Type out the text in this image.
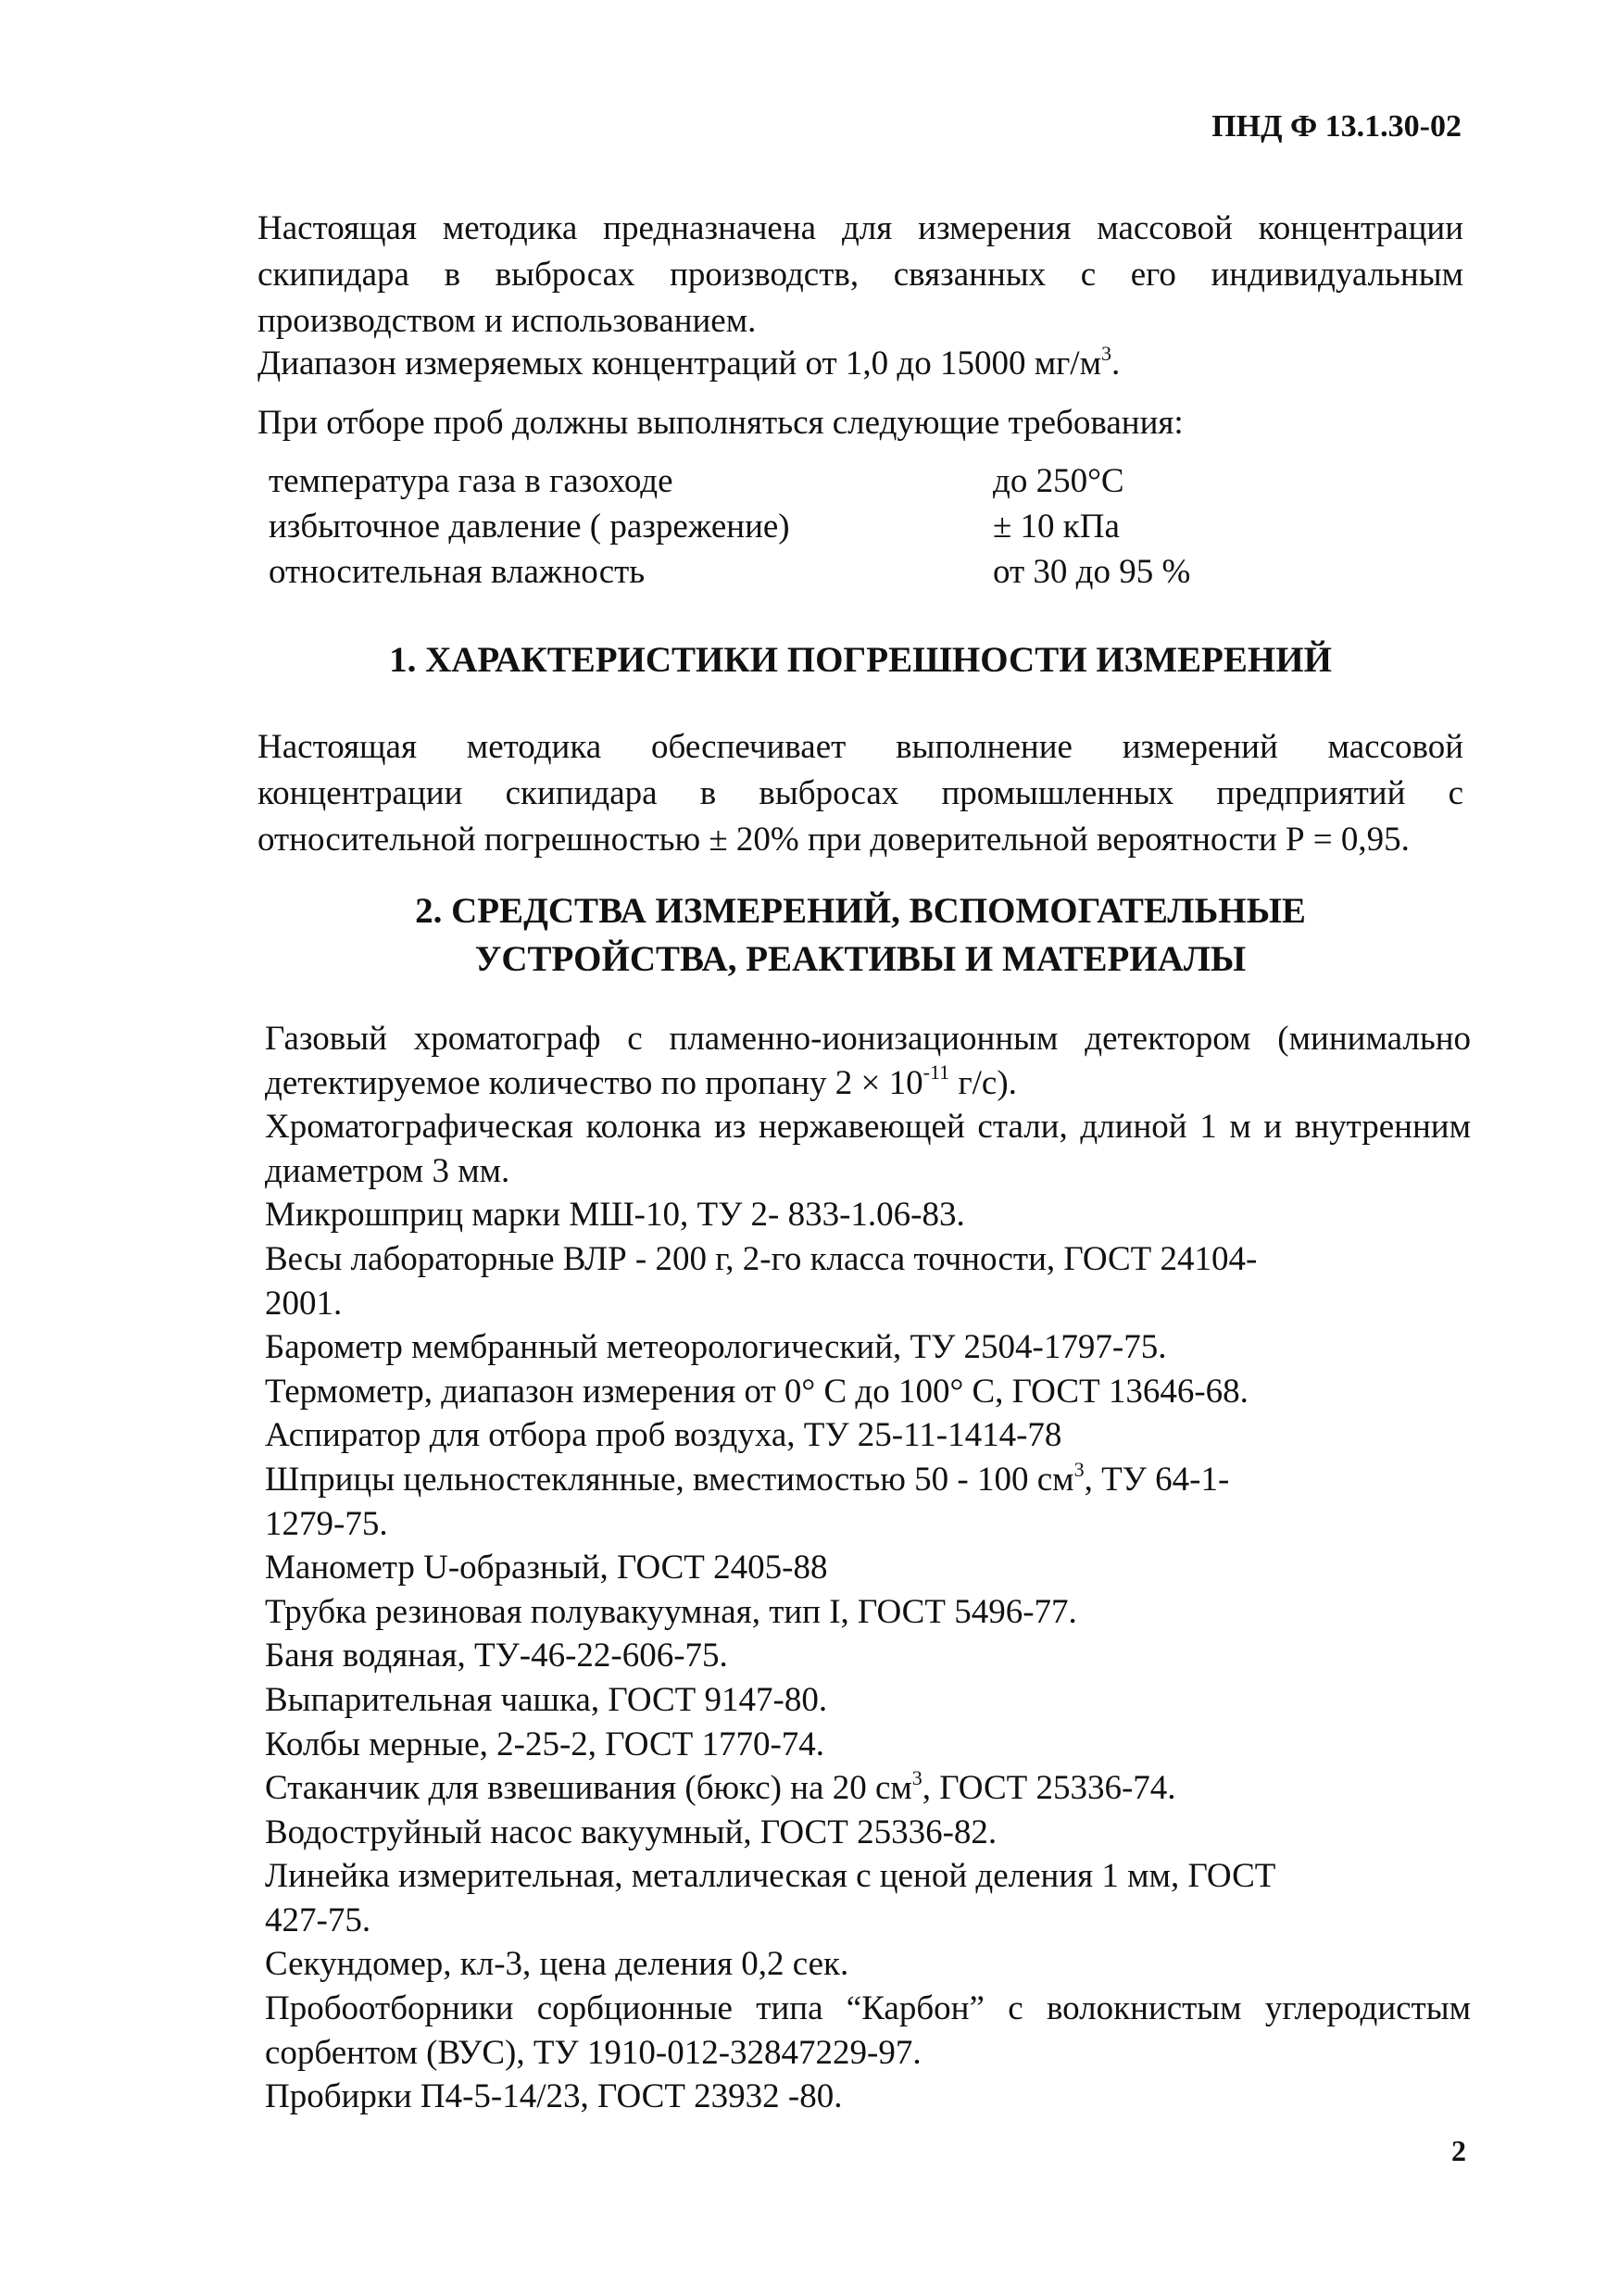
ПНД Ф 13.1.30-02
Настоящая методика предназначена для измерения массовой концентрации скипидара в выбросах производств, связанных с его индивидуальным производством и использованием.
Диапазон измеряемых концентраций от 1,0 до 15000 $мг/м^3$.
При отборе проб должны выполняться следующие требования:
температура газа в газоходе	до 250°С
избыточное давление ( разрежение)	± 10 кПа
относительная влажность	от 30 до 95 %
1. ХАРАКТЕРИСТИКИ ПОГРЕШНОСТИ ИЗМЕРЕНИЙ
Настоящая методика обеспечивает выполнение измерений массовой концентрации скипидара в выбросах промышленных предприятий с относительной погрешностью ± 20% при доверительной вероятности Р = 0,95.
2. СРЕДСТВА ИЗМЕРЕНИЙ, ВСПОМОГАТЕЛЬНЫЕ
УСТРОЙСТВА, РЕАКТИВЫ И МАТЕРИАЛЫ
Газовый хроматограф с пламенно-ионизационным детектором (минимально детектируемое количество по пропану $2 \times 10^{-11}$ г/с).
Хроматографическая колонка из нержавеющей стали, длиной 1 м и внутренним диаметром 3 мм.
Микрошприц марки МШ-10, ТУ 2- 833-1.06-83.
Весы лабораторные ВЛР - 200 г, 2-го класса точности, ГОСТ 24104-2001.
Барометр мембранный метеорологический, ТУ 2504-1797-75.
Термометр, диапазон измерения от 0° С до 100° С, ГОСТ 13646-68.
Аспиратор для отбора проб воздуха, ТУ 25-11-1414-78
Шприцы цельностеклянные, вместимостью 50 - 100 $см^3$, ТУ 64-1-1279-75.
Манометр U-образный, ГОСТ 2405-88
Трубка резиновая полувакуумная, тип I, ГОСТ 5496-77.
Баня водяная, ТУ-46-22-606-75.
Выпарительная чашка, ГОСТ 9147-80.
Колбы мерные, 2-25-2, ГОСТ 1770-74.
Стаканчик для взвешивания (бюкс) на 20 $см^3$, ГОСТ 25336-74.
Водоструйный насос вакуумный, ГОСТ 25336-82.
Линейка измерительная, металлическая с ценой деления 1 мм, ГОСТ 427-75.
Секундомер, кл-3, цена деления 0,2 сек.
Пробоотборники сорбционные типа “Карбон” с волокнистым углеродистым сорбентом (ВУС), ТУ 1910-012-32847229-97.
Пробирки П4-5-14/23, ГОСТ 23932 -80.
2
